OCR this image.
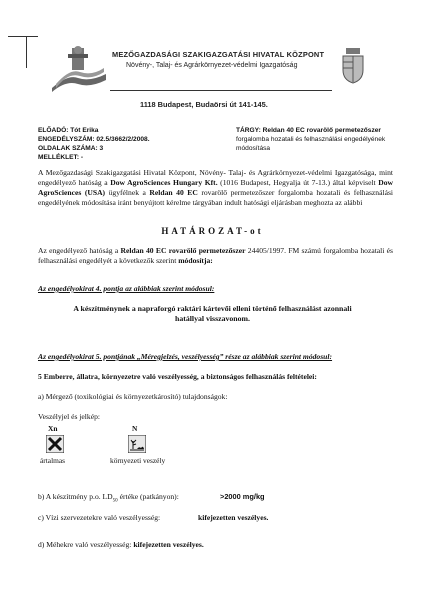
MEZŐGAZDASÁGI SZAKIGAZGATÁSI HIVATAL KÖZPONT
Növény-, Talaj- és Agrárkörnyezet-védelmi Igazgatóság
1118 Budapest, Budaörsi út 141-145.
ELŐADÓ: Tót Erika
ENGEDÉLYSZÁM: 02.5/3662/2/2008.
OLDALAK SZÁMA: 3
MELLÉKLET: -
TÁRGY: Reldan 40 EC rovarölő permetezőszer forgalomba hozatali és felhasználási engedélyének módosítása
A Mezőgazdasági Szakigazgatási Hivatal Központ, Növény- Talaj- és Agrárkörnyezet-védelmi Igazgatósága, mint engedélyező hatóság a Dow AgroSciences Hungary Kft. (1016 Budapest, Hegyalja út 7-13.) által képviselt Dow AgroSciences (USA) ügyfélnek a Reldan 40 EC rovarölő permetezőszer forgalomba hozatali és felhasználási engedélyének módosítása iránt benyújtott kérelme tárgyában indult hatósági eljárásban meghozta az alábbi
HATÁROZAT-ot
Az engedélyező hatóság a Reldan 40 EC rovarölő permetezőszer 24405/1997. FM számú forgalomba hozatali és felhasználási engedélyét a következők szerint módosítja:
Az engedélyokirat 4. pontja az alábbiak szerint módosul:
A készítménynek a napraforgó raktári kártevői elleni történő felhasználást azonnali
hatállyal visszavonom.
Az engedélyokirat 5. pontjának „Méregjelzés, veszélyesség” része az alábbiak szerint módosul:
5 Emberre, állatra, környezetre való veszélyesség, a biztonságos felhasználás feltételei:
a) Mérgező (toxikológiai és környezetkárosító) tulajdonságok:
Veszélyjel és jelkép:
Xn
ártalmas
N
környezeti veszély
b) A készítmény p.o. $LD_{50}$ értéke (patkányon):	>2000 mg/kg
c) Vízi szervezetekre való veszélyesség:	kifejezetten veszélyes.
d) Méhekre való veszélyesség: kifejezetten veszélyes.
